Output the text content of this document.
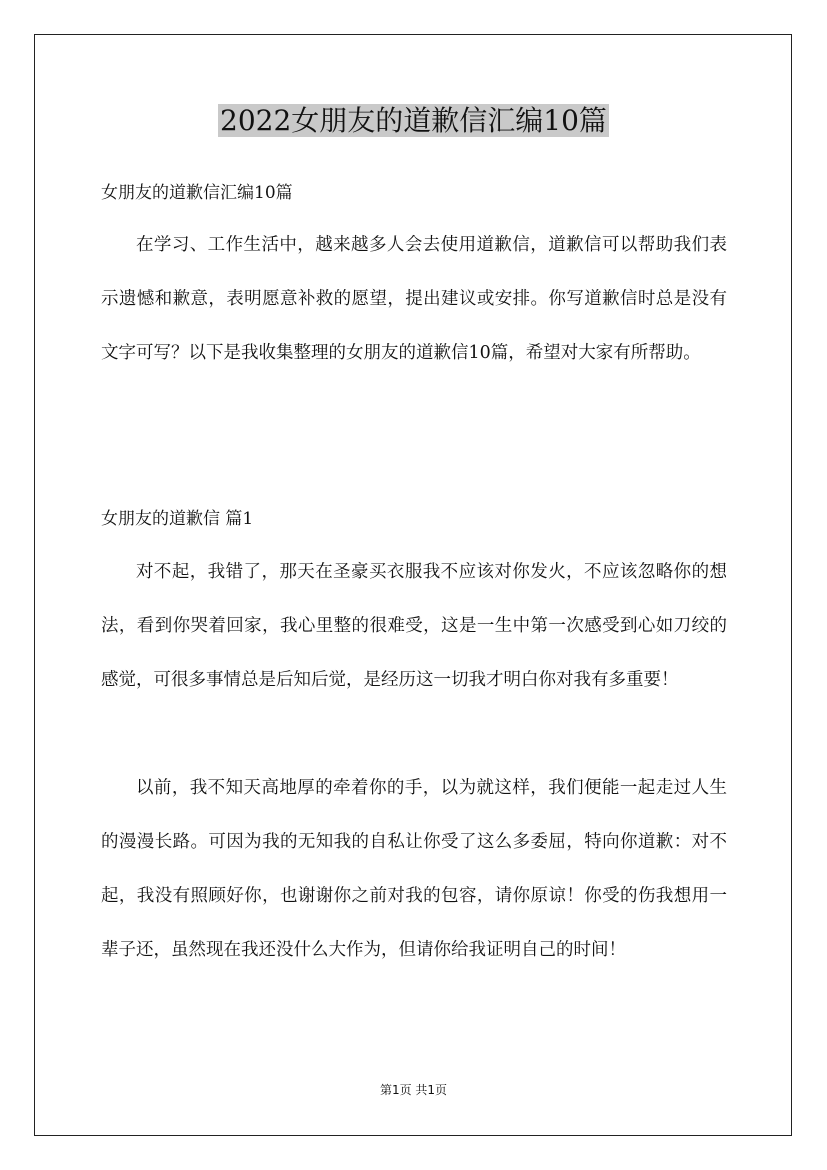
2022女朋友的道歉信汇编10篇
女朋友的道歉信汇编10篇

在学习、工作生活中，越来越多人会去使用道歉信，道歉信可以帮助我们表示遗憾和歉意，表明愿意补救的愿望，提出建议或安排。你写道歉信时总是没有文字可写？以下是我收集整理的女朋友的道歉信10篇，希望对大家有所帮助。

女朋友的道歉信 篇1

对不起，我错了，那天在圣豪买衣服我不应该对你发火，不应该忽略你的想法，看到你哭着回家，我心里整的很难受，这是一生中第一次感受到心如刀绞的感觉，可很多事情总是后知后觉，是经历这一切我才明白你对我有多重要！

以前，我不知天高地厚的牵着你的手，以为就这样，我们便能一起走过人生的漫漫长路。可因为我的无知我的自私让你受了这么多委屈，特向你道歉：对不起，我没有照顾好你，也谢谢你之前对我的包容，请你原谅！你受的伤我想用一辈子还，虽然现在我还没什么大作为，但请你给我证明自己的时间！

第1页 共1页
